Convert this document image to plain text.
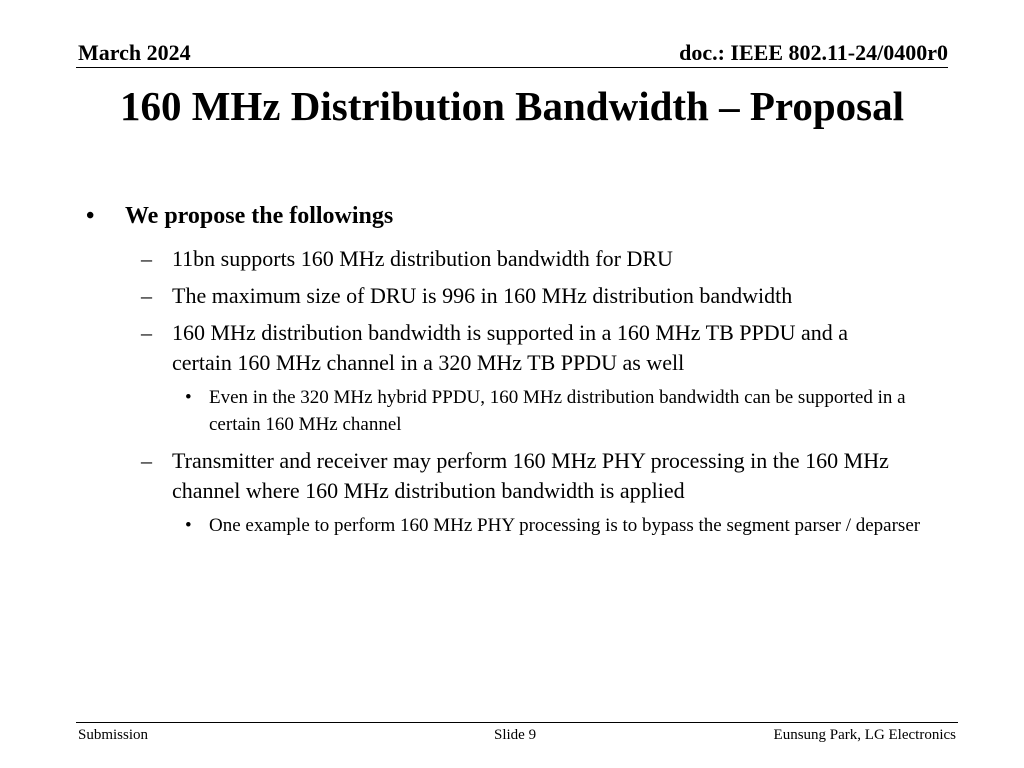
March 2024	doc.: IEEE 802.11-24/0400r0
160 MHz Distribution Bandwidth – Proposal
• We propose the followings
– 11bn supports 160 MHz distribution bandwidth for DRU
– The maximum size of DRU is 996 in 160 MHz distribution bandwidth
– 160 MHz distribution bandwidth is supported in a 160 MHz TB PPDU and a certain 160 MHz channel in a 320 MHz TB PPDU as well
• Even in the 320 MHz hybrid PPDU, 160 MHz distribution bandwidth can be supported in a certain 160 MHz channel
– Transmitter and receiver may perform 160 MHz PHY processing in the 160 MHz channel where 160 MHz distribution bandwidth is applied
• One example to perform 160 MHz PHY processing is to bypass the segment parser / deparser
Submission	Slide 9	Eunsung Park, LG Electronics
